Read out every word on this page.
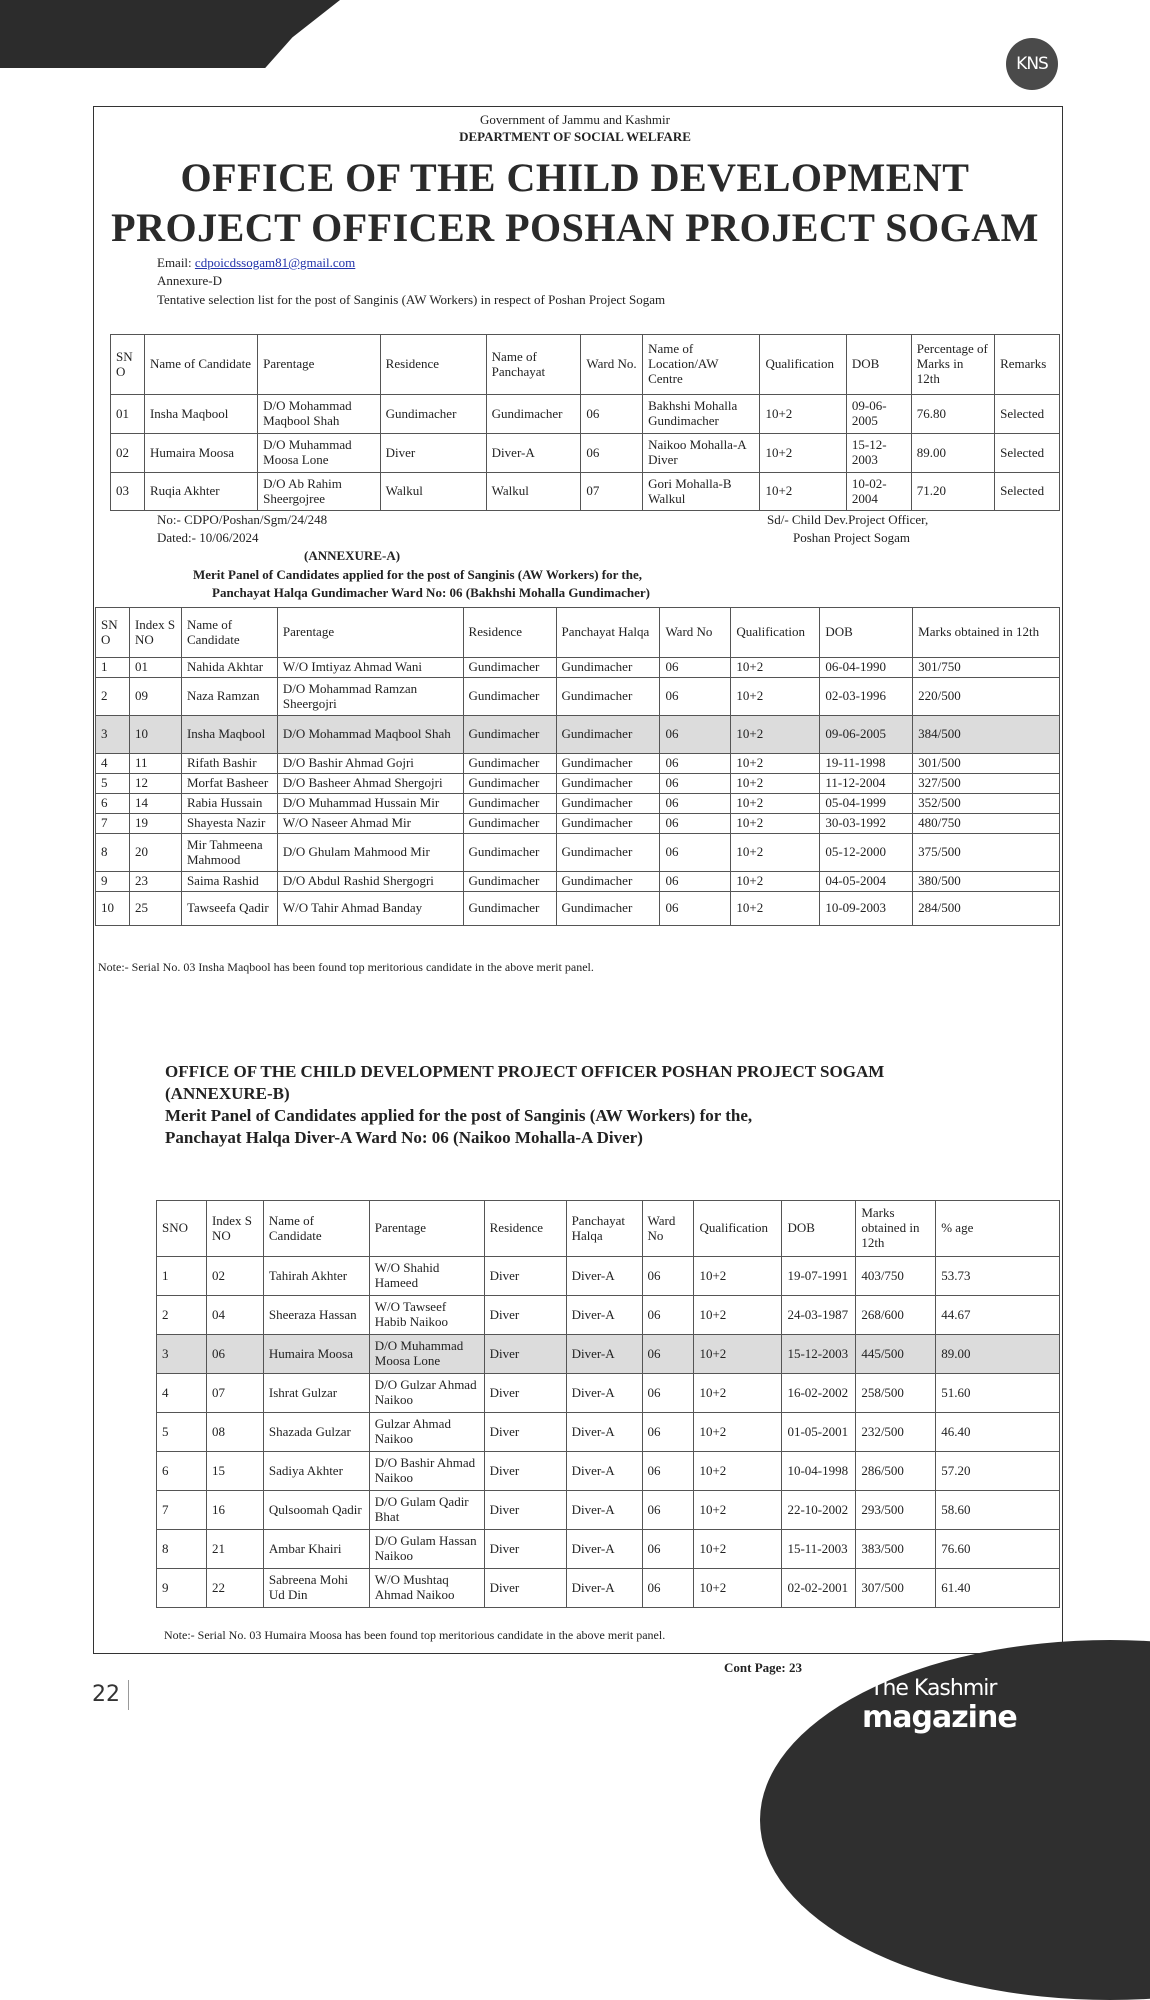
KNS
Government of Jammu and Kashmir
DEPARTMENT OF SOCIAL WELFARE
OFFICE OF THE CHILD DEVELOPMENT
PROJECT OFFICER POSHAN PROJECT SOGAM
Email: cdpoicdssogam81@gmail.com
Annexure-D
Tentative selection list for the post of Sanginis (AW Workers) in respect of Poshan Project Sogam
SN O	Name of Candidate	Parentage	Residence	Name of Panchayat	Ward No.	Name of Location/AW Centre	Qualification	DOB	Percentage of Marks in 12th	Remarks
01	Insha Maqbool	D/O Mohammad Maqbool Shah	Gundimacher	Gundimacher	06	Bakhshi Mohalla Gundimacher	10+2	09-06-2005	76.80	Selected
02	Humaira Moosa	D/O Muhammad Moosa Lone	Diver	Diver-A	06	Naikoo Mohalla-A Diver	10+2	15-12-2003	89.00	Selected
03	Ruqia Akhter	D/O Ab Rahim Sheergojree	Walkul	Walkul	07	Gori Mohalla-B Walkul	10+2	10-02-2004	71.20	Selected
No:- CDPO/Poshan/Sgm/24/248
Dated:- 10/06/2024
Sd/- Child Dev.Project Officer,
Poshan Project Sogam
(ANNEXURE-A)
Merit Panel of Candidates applied for the post of Sanginis (AW Workers) for the,
Panchayat Halqa Gundimacher Ward No: 06 (Bakhshi Mohalla Gundimacher)
SN O	Index S NO	Name of Candidate	Parentage	Residence	Panchayat Halqa	Ward No	Qualification	DOB	Marks obtained in 12th
1	01	Nahida Akhtar	W/O Imtiyaz Ahmad Wani	Gundimacher	Gundimacher	06	10+2	06-04-1990	301/750
2	09	Naza Ramzan	D/O Mohammad Ramzan Sheergojri	Gundimacher	Gundimacher	06	10+2	02-03-1996	220/500
3	10	Insha Maqbool	D/O Mohammad Maqbool Shah	Gundimacher	Gundimacher	06	10+2	09-06-2005	384/500
4	11	Rifath Bashir	D/O Bashir Ahmad Gojri	Gundimacher	Gundimacher	06	10+2	19-11-1998	301/500
5	12	Morfat Basheer	D/O Basheer Ahmad Shergojri	Gundimacher	Gundimacher	06	10+2	11-12-2004	327/500
6	14	Rabia Hussain	D/O Muhammad Hussain Mir	Gundimacher	Gundimacher	06	10+2	05-04-1999	352/500
7	19	Shayesta Nazir	W/O Naseer Ahmad Mir	Gundimacher	Gundimacher	06	10+2	30-03-1992	480/750
8	20	Mir Tahmeena Mahmood	D/O Ghulam Mahmood Mir	Gundimacher	Gundimacher	06	10+2	05-12-2000	375/500
9	23	Saima Rashid	D/O Abdul Rashid Shergogri	Gundimacher	Gundimacher	06	10+2	04-05-2004	380/500
10	25	Tawseefa Qadir	W/O Tahir Ahmad Banday	Gundimacher	Gundimacher	06	10+2	10-09-2003	284/500
Note:- Serial No. 03 Insha Maqbool has been found top meritorious candidate in the above merit panel.
OFFICE OF THE CHILD DEVELOPMENT PROJECT OFFICER POSHAN PROJECT SOGAM
(ANNEXURE-B)
Merit Panel of Candidates applied for the post of Sanginis (AW Workers) for the,
Panchayat Halqa Diver-A Ward No: 06 (Naikoo Mohalla-A Diver)
SNO	Index S NO	Name of Candidate	Parentage	Residence	Panchayat Halqa	Ward No	Qualification	DOB	Marks obtained in 12th	% age
1	02	Tahirah Akhter	W/O Shahid Hameed	Diver	Diver-A	06	10+2	19-07-1991	403/750	53.73
2	04	Sheeraza Hassan	W/O Tawseef Habib Naikoo	Diver	Diver-A	06	10+2	24-03-1987	268/600	44.67
3	06	Humaira Moosa	D/O Muhammad Moosa Lone	Diver	Diver-A	06	10+2	15-12-2003	445/500	89.00
4	07	Ishrat Gulzar	D/O Gulzar Ahmad Naikoo	Diver	Diver-A	06	10+2	16-02-2002	258/500	51.60
5	08	Shazada Gulzar	Gulzar Ahmad Naikoo	Diver	Diver-A	06	10+2	01-05-2001	232/500	46.40
6	15	Sadiya Akhter	D/O Bashir Ahmad Naikoo	Diver	Diver-A	06	10+2	10-04-1998	286/500	57.20
7	16	Qulsoomah Qadir	D/O Gulam Qadir Bhat	Diver	Diver-A	06	10+2	22-10-2002	293/500	58.60
8	21	Ambar Khairi	D/O Gulam Hassan Naikoo	Diver	Diver-A	06	10+2	15-11-2003	383/500	76.60
9	22	Sabreena Mohi Ud Din	W/O Mushtaq Ahmad Naikoo	Diver	Diver-A	06	10+2	02-02-2001	307/500	61.40
Note:- Serial No. 03 Humaira Moosa has been found top meritorious candidate in the above merit panel.
Cont Page: 23
22	The Kashmir
magazine
